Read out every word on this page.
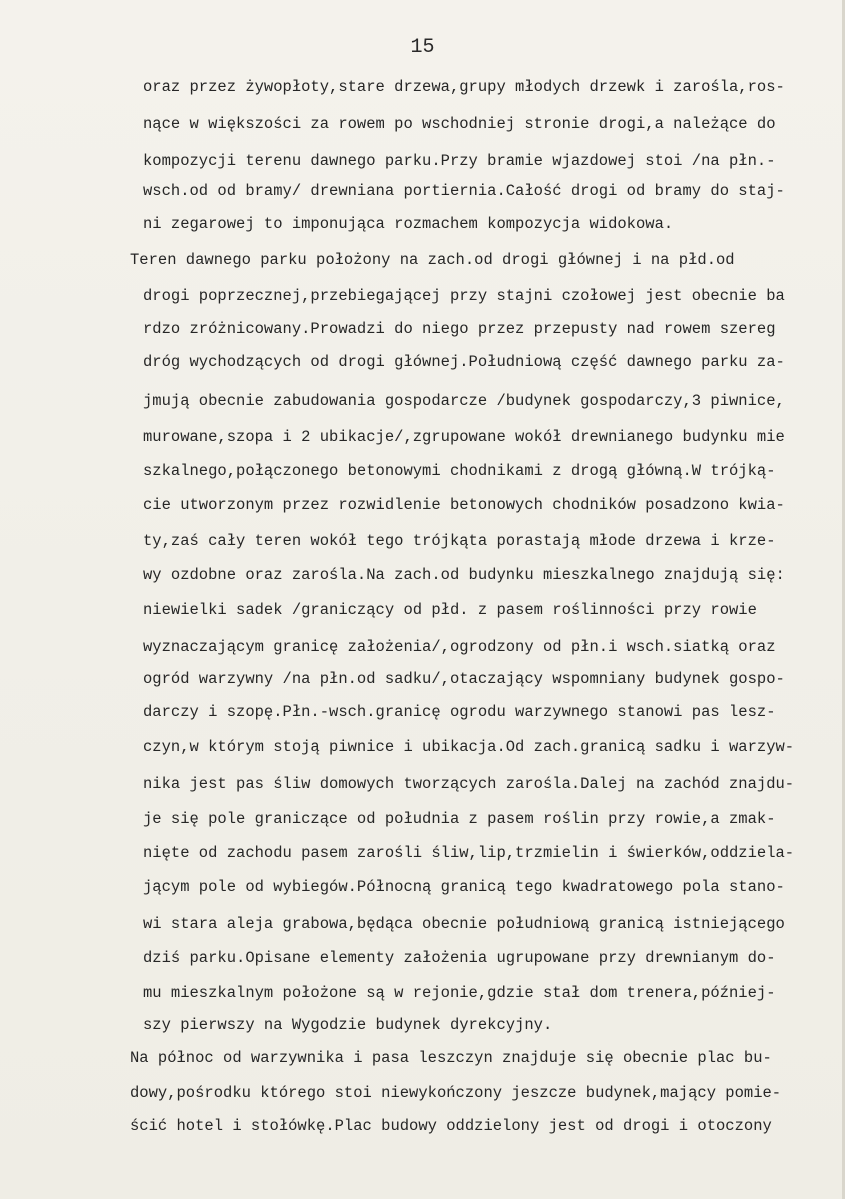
15
oraz przez żywopłoty,stare drzewa,grupy młodych drzewk i zarośla,ros-
nące w większości za rowem po wschodniej stronie drogi,a należące do
kompozycji terenu dawnego parku.Przy bramie wjazdowej stoi /na płn.-
wsch.od od bramy/ drewniana portiernia.Całość drogi od bramy do staj-
ni zegarowej to imponująca rozmachem kompozycja widokowa.
Teren dawnego parku położony na zach.od drogi głównej i na płd.od
drogi poprzecznej,przebiegającej przy stajni czołowej jest obecnie ba
rdzo zróżnicowany.Prowadzi do niego przez przepusty nad rowem szereg
dróg wychodzących od drogi głównej.Południową część dawnego parku za-
jmują obecnie zabudowania gospodarcze /budynek gospodarczy,3 piwnice,
murowane,szopa i 2 ubikacje/,zgrupowane wokół drewnianego budynku mie
szkalnego,połączonego betonowymi chodnikami z drogą główną.W trójką-
cie utworzonym przez rozwidlenie betonowych chodników posadzono kwia-
ty,zaś cały teren wokół tego trójkąta porastają młode drzewa i krze-
wy ozdobne oraz zarośla.Na zach.od budynku mieszkalnego znajdują się:
niewielki sadek /graniczący od płd. z pasem roślinności przy rowie
wyznaczającym granicę założenia/,ogrodzony od płn.i wsch.siatką oraz
ogród warzywny /na płn.od sadku/,otaczający wspomniany budynek gospo-
darczy i szopę.Płn.-wsch.granicę ogrodu warzywnego stanowi pas lesz-
czyn,w którym stoją piwnice i ubikacja.Od zach.granicą sadku i warzyw-
nika jest pas śliw domowych tworzących zarośla.Dalej na zachód znajdu-
je się pole graniczące od południa z pasem roślin przy rowie,a zmak-
nięte od zachodu pasem zarośli śliw,lip,trzmielin i świerków,oddziela-
jącym pole od wybiegów.Północną granicą tego kwadratowego pola stano-
wi stara aleja grabowa,będąca obecnie południową granicą istniejącego
dziś parku.Opisane elementy założenia ugrupowane przy drewnianym do-
mu mieszkalnym położone są w rejonie,gdzie stał dom trenera,później-
szy pierwszy na Wygodzie budynek dyrekcyjny.
Na północ od warzywnika i pasa leszczyn znajduje się obecnie plac bu-
dowy,pośrodku którego stoi niewykończony jeszcze budynek,mający pomie-
ścić hotel i stołówkę.Plac budowy oddzielony jest od drogi i otoczony
